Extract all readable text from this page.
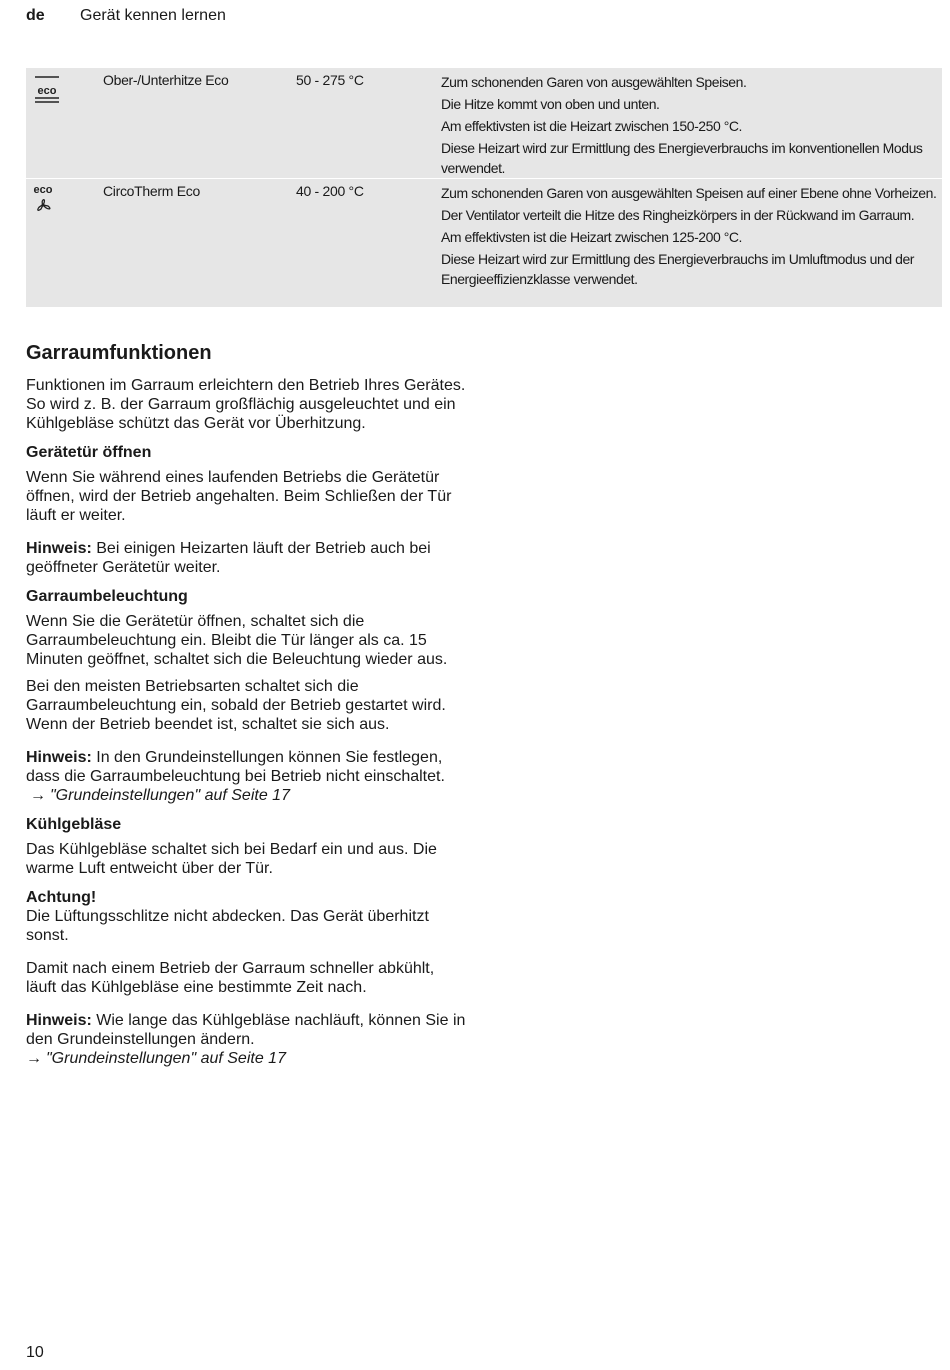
de Gerät kennen lernen
eco
Ober-/Unterhitze Eco	50 - 275 °C	Zum schonenden Garen von ausgewählten Speisen.

Die Hitze kommt von oben und unten.

Am effektivsten ist die Heizart zwischen 150-250 °C.

Diese Heizart wird zur Ermittlung des Energieverbrauchs im konventionellen Modus verwendet.

eco	CircoTherm Eco	40 - 200 °C	Zum schonenden Garen von ausgewählten Speisen auf einer Ebene ohne Vorheizen.

Der Ventilator verteilt die Hitze des Ringheizkörpers in der Rückwand im Garraum.

Am effektivsten ist die Heizart zwischen 125-200 °C.

Diese Heizart wird zur Ermittlung des Energieverbrauchs im Umluftmodus und der Energieeffizienzklasse verwendet.

Garraumfunktionen

Funktionen im Garraum erleichtern den Betrieb Ihres Gerätes. So wird z. B. der Garraum großflächig ausgeleuchtet und ein Kühlgebläse schützt das Gerät vor Überhitzung.

Gerätetür öffnen

Wenn Sie während eines laufenden Betriebs die Gerätetür öffnen, wird der Betrieb angehalten. Beim Schließen der Tür läuft er weiter.

Hinweis: Bei einigen Heizarten läuft der Betrieb auch bei geöffneter Gerätetür weiter.

Garraumbeleuchtung

Wenn Sie die Gerätetür öffnen, schaltet sich die Garraumbeleuchtung ein. Bleibt die Tür länger als ca. 15 Minuten geöffnet, schaltet sich die Beleuchtung wieder aus.

Bei den meisten Betriebsarten schaltet sich die Garraumbeleuchtung ein, sobald der Betrieb gestartet wird. Wenn der Betrieb beendet ist, schaltet sie sich aus.

Hinweis: In den Grundeinstellungen können Sie festlegen, dass die Garraumbeleuchtung bei Betrieb nicht einschaltet. → "Grundeinstellungen" auf Seite 17

Kühlgebläse

Das Kühlgebläse schaltet sich bei Bedarf ein und aus. Die warme Luft entweicht über der Tür.

Achtung!

Die Lüftungsschlitze nicht abdecken. Das Gerät überhitzt sonst.

Damit nach einem Betrieb der Garraum schneller abkühlt, läuft das Kühlgebläse eine bestimmte Zeit nach.

Hinweis: Wie lange das Kühlgebläse nachläuft, können Sie in den Grundeinstellungen ändern.
→ "Grundeinstellungen" auf Seite 17

10
